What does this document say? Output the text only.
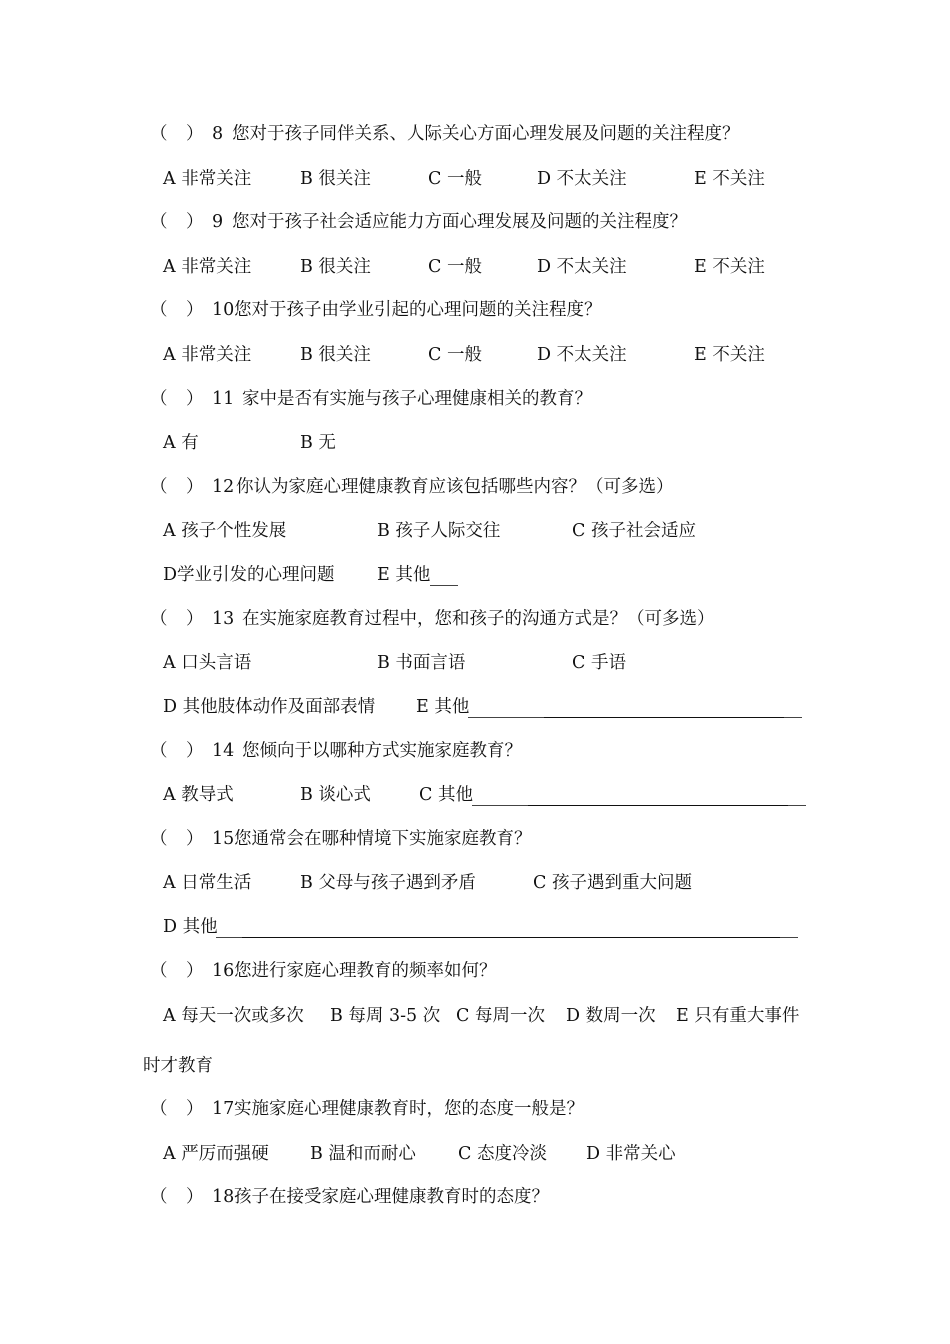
（ ） 8 您对于孩子同伴关系、人际关心方面心理发展及问题的关注程度？
A 非常关注	B 很关注	C 一般	D 不太关注	E 不关注
（ ） 9 您对于孩子社会适应能力方面心理发展及问题的关注程度？
A 非常关注	B 很关注	C 一般	D 不太关注	E 不关注
（ ） 10 您对于孩子由学业引起的心理问题的关注程度？
A 非常关注	B 很关注	C 一般	D 不太关注	E 不关注
（ ） 11 家中是否有实施与孩子心理健康相关的教育？
A 有	B 无
（ ） 12 你认为家庭心理健康教育应该包括哪些内容？（可多选）
A 孩子个性发展	B 孩子人际交往	C 孩子社会适应
D学业引发的心理问题 E 其他
（ ） 13 在实施家庭教育过程中，您和孩子的沟通方式是？（可多选）
A 口头言语	B 书面言语	C 手语
D 其他肢体动作及面部表情 E 其他
（ ） 14 您倾向于以哪种方式实施家庭教育？
A 教导式	B 谈心式	C 其他
（ ） 15 您通常会在哪种情境下实施家庭教育？
A 日常生活	B 父母与孩子遇到矛盾	C 孩子遇到重大问题
D 其他
（ ） 16 您进行家庭心理教育的频率如何？
A 每天一次或多次 B 每周 3-5 次 C 每周一次 D 数周一次 E 只有重大事件
时才教育
（ ） 17 实施家庭心理健康教育时，您的态度一般是？
A 严厉而强硬 B 温和而耐心 C 态度冷淡 D 非常关心
（ ） 18 孩子在接受家庭心理健康教育时的态度？
